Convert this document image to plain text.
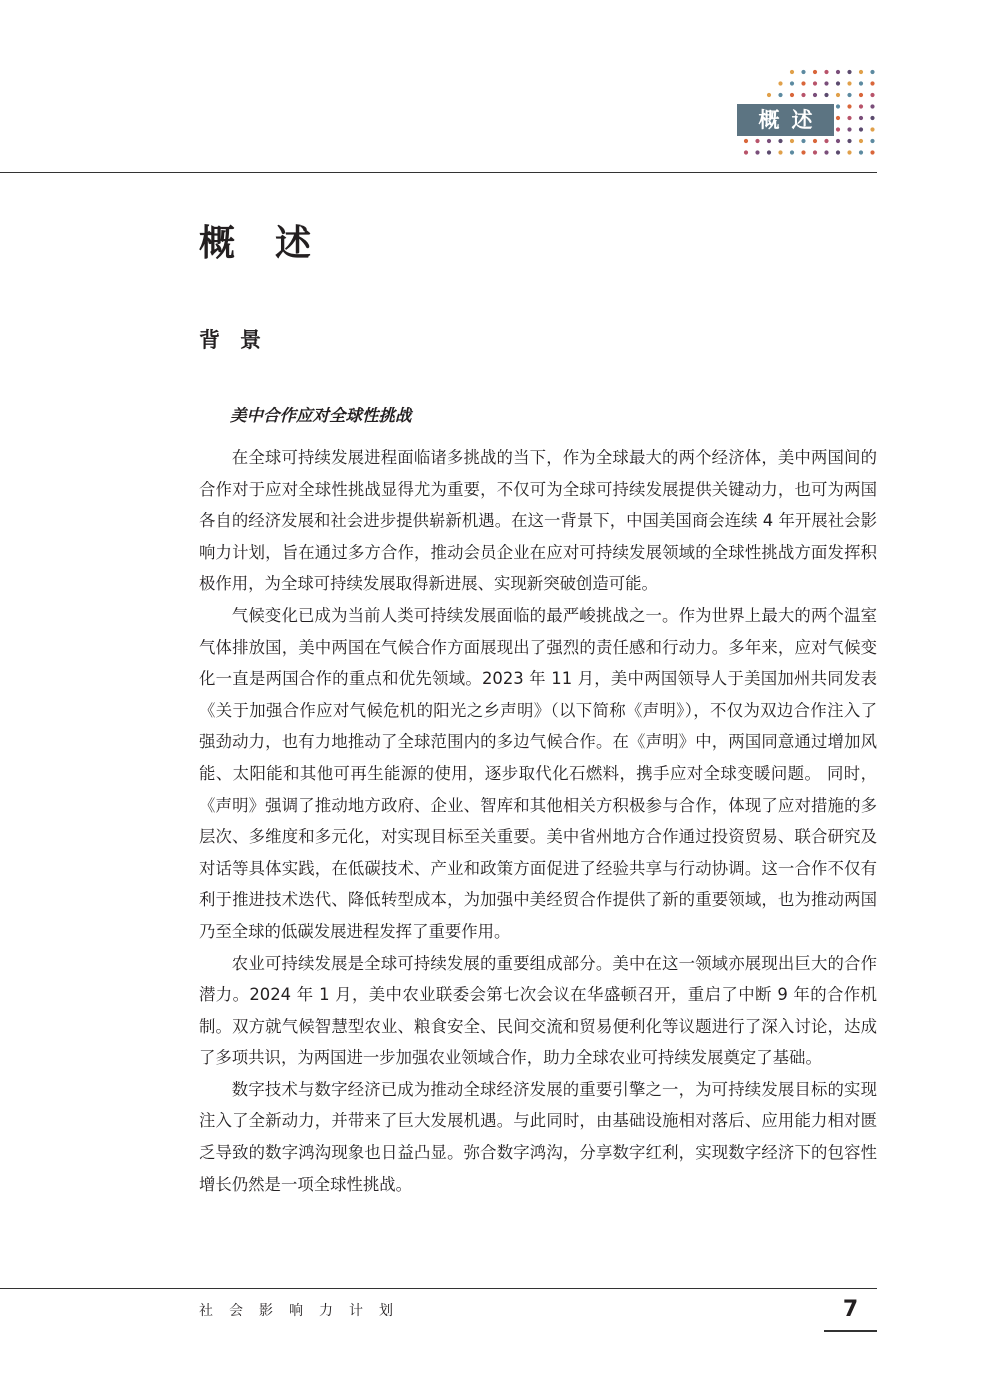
概述
概述
背景
美中合作应对全球性挑战

在全球可持续发展进程面临诸多挑战的当下，作为全球最大的两个经济体，美中两国间的合作对于应对全球性挑战显得尤为重要，不仅可为全球可持续发展提供关键动力，也可为两国各自的经济发展和社会进步提供崭新机遇。在这一背景下，中国美国商会连续 4 年开展社会影响力计划，旨在通过多方合作，推动会员企业在应对可持续发展领域的全球性挑战方面发挥积极作用，为全球可持续发展取得新进展、实现新突破创造可能。

气候变化已成为当前人类可持续发展面临的最严峻挑战之一。作为世界上最大的两个温室气体排放国，美中两国在气候合作方面展现出了强烈的责任感和行动力。多年来，应对气候变化一直是两国合作的重点和优先领域。2023 年 11 月，美中两国领导人于美国加州共同发表《关于加强合作应对气候危机的阳光之乡声明》（以下简称《声明》），不仅为双边合作注入了强劲动力，也有力地推动了全球范围内的多边气候合作。在《声明》中，两国同意通过增加风能、太阳能和其他可再生能源的使用，逐步取代化石燃料，携手应对全球变暖问题。 同时，《声明》强调了推动地方政府、企业、智库和其他相关方积极参与合作，体现了应对措施的多层次、多维度和多元化，对实现目标至关重要。美中省州地方合作通过投资贸易、联合研究及对话等具体实践，在低碳技术、产业和政策方面促进了经验共享与行动协调。这一合作不仅有利于推进技术迭代、降低转型成本，为加强中美经贸合作提供了新的重要领域，也为推动两国乃至全球的低碳发展进程发挥了重要作用。

农业可持续发展是全球可持续发展的重要组成部分。美中在这一领域亦展现出巨大的合作潜力。2024 年 1 月，美中农业联委会第七次会议在华盛顿召开，重启了中断 9 年的合作机制。双方就气候智慧型农业、粮食安全、民间交流和贸易便利化等议题进行了深入讨论，达成了多项共识，为两国进一步加强农业领域合作，助力全球农业可持续发展奠定了基础。

数字技术与数字经济已成为推动全球经济发展的重要引擎之一，为可持续发展目标的实现注入了全新动力，并带来了巨大发展机遇。与此同时，由基础设施相对落后、应用能力相对匮乏导致的数字鸿沟现象也日益凸显。弥合数字鸿沟，分享数字红利，实现数字经济下的包容性增长仍然是一项全球性挑战。

社会影响力计划	7
